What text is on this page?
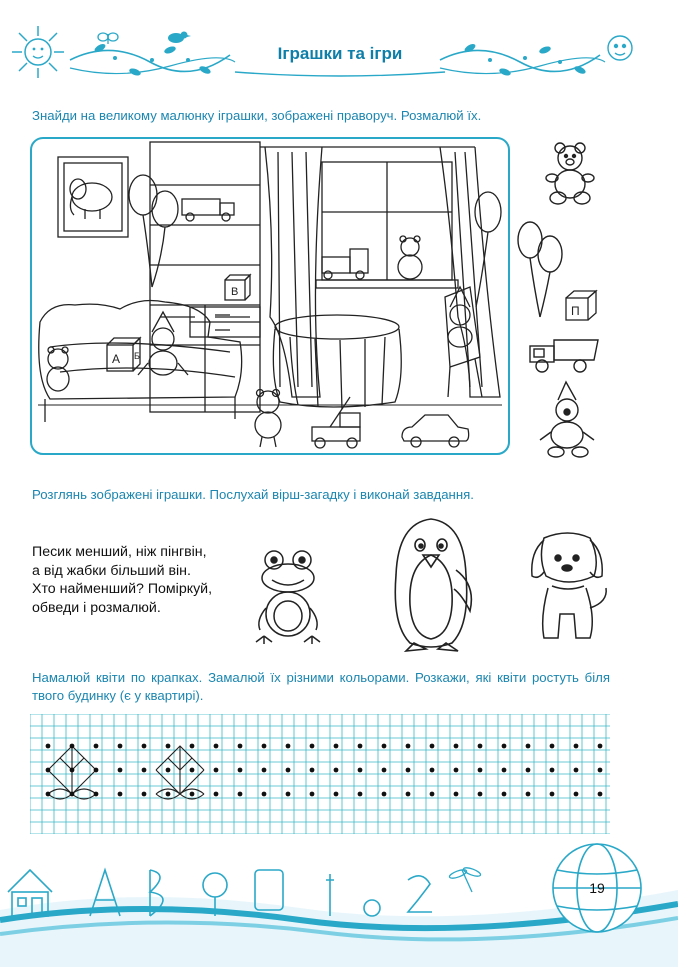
Іграшки та ігри
Знайди на великому малюнку іграшки, зображені праворуч. Розмалюй їх.
В
А Б
П
Розглянь зображені іграшки. Послухай вірш-загадку і виконай завдання.
Песик менший, ніж пінгвін,
а від жабки більший він.
Хто найменший? Поміркуй,
обведи і розмалюй.
Намалюй квіти по крапках. Замалюй їх різними кольорами. Розкажи, які квіти ростуть біля твого будинку (є у квартирі).
19
